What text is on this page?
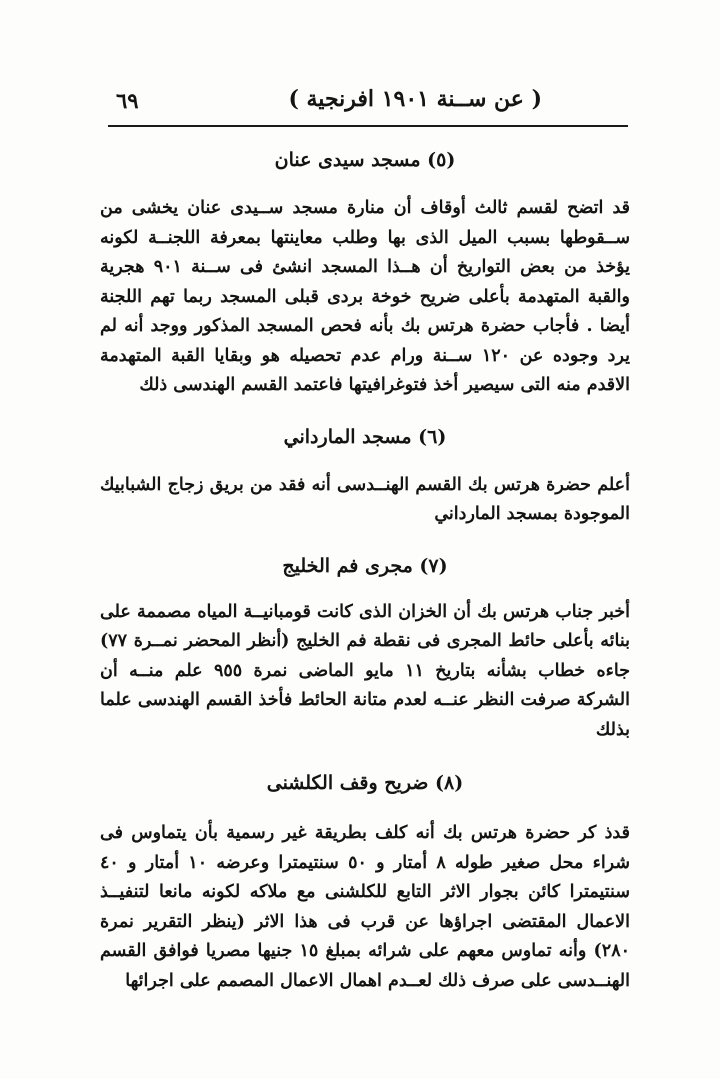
( عن ســنة ١٩٠١ افرنجية )
٦٩

(٥) مسجد سيدى عنان

قد اتضح لقسم ثالث أوقاف أن منارة مسجد ســيدى عنان يخشى من ســقوطها بسبب الميل الذى بها وطلب معاينتها بمعرفة اللجنــة لكونه يؤخذ من بعض التواريخ أن هــذا المسجد انشئ فى ســنة ٩٠١ هجرية والقبة المتهدمة بأعلى ضريح خوخة بردى قبلى المسجد ربما تهم اللجنة أيضا . فأجاب حضرة هرتس بك بأنه فحص المسجد المذكور ووجد أنه لم يرد وجوده عن ١٢٠ ســنة ورام عدم تحصيله هو وبقايا القبة المتهدمة الاقدم منه التى سيصير أخذ فتوغرافيتها فاعتمد القسم الهندسى ذلك

(٦) مسجد المارداني

أعلم حضرة هرتس بك القسم الهنــدسى أنه فقد من بريق زجاج الشبابيك الموجودة بمسجد المارداني

(٧) مجرى فم الخليج

أخبر جناب هرتس بك أن الخزان الذى كانت قومبانيــة المياه مصممة على بنائه بأعلى حائط المجرى فى نقطة فم الخليج (أنظر المحضر نمــرة ٧٧) جاءه خطاب بشأنه بتاريخ ١١ مايو الماضى نمرة ٩٥٥ علم منــه أن الشركة صرفت النظر عنــه لعدم متانة الحائط فأخذ القسم الهندسى علما بذلك

(٨) ضريح وقف الكلشنى

قدذ كر حضرة هرتس بك أنه كلف بطريقة غير رسمية بأن يتماوس فى شراء محل صغير طوله ٨ أمتار و ٥٠ سنتيمترا وعرضه ١٠ أمتار و ٤٠ سنتيمترا كائن بجوار الاثر التابع للكلشنى مع ملاكه لكونه مانعا لتنفيــذ الاعمال المقتضى اجراؤها عن قرب فى هذا الاثر (ينظر التقرير نمرة ٢٨٠) وأنه تماوس معهم على شرائه بمبلغ ١٥ جنيها مصريا فوافق القسم الهنــدسى على صرف ذلك لعــدم اهمال الاعمال المصمم على اجرائها
